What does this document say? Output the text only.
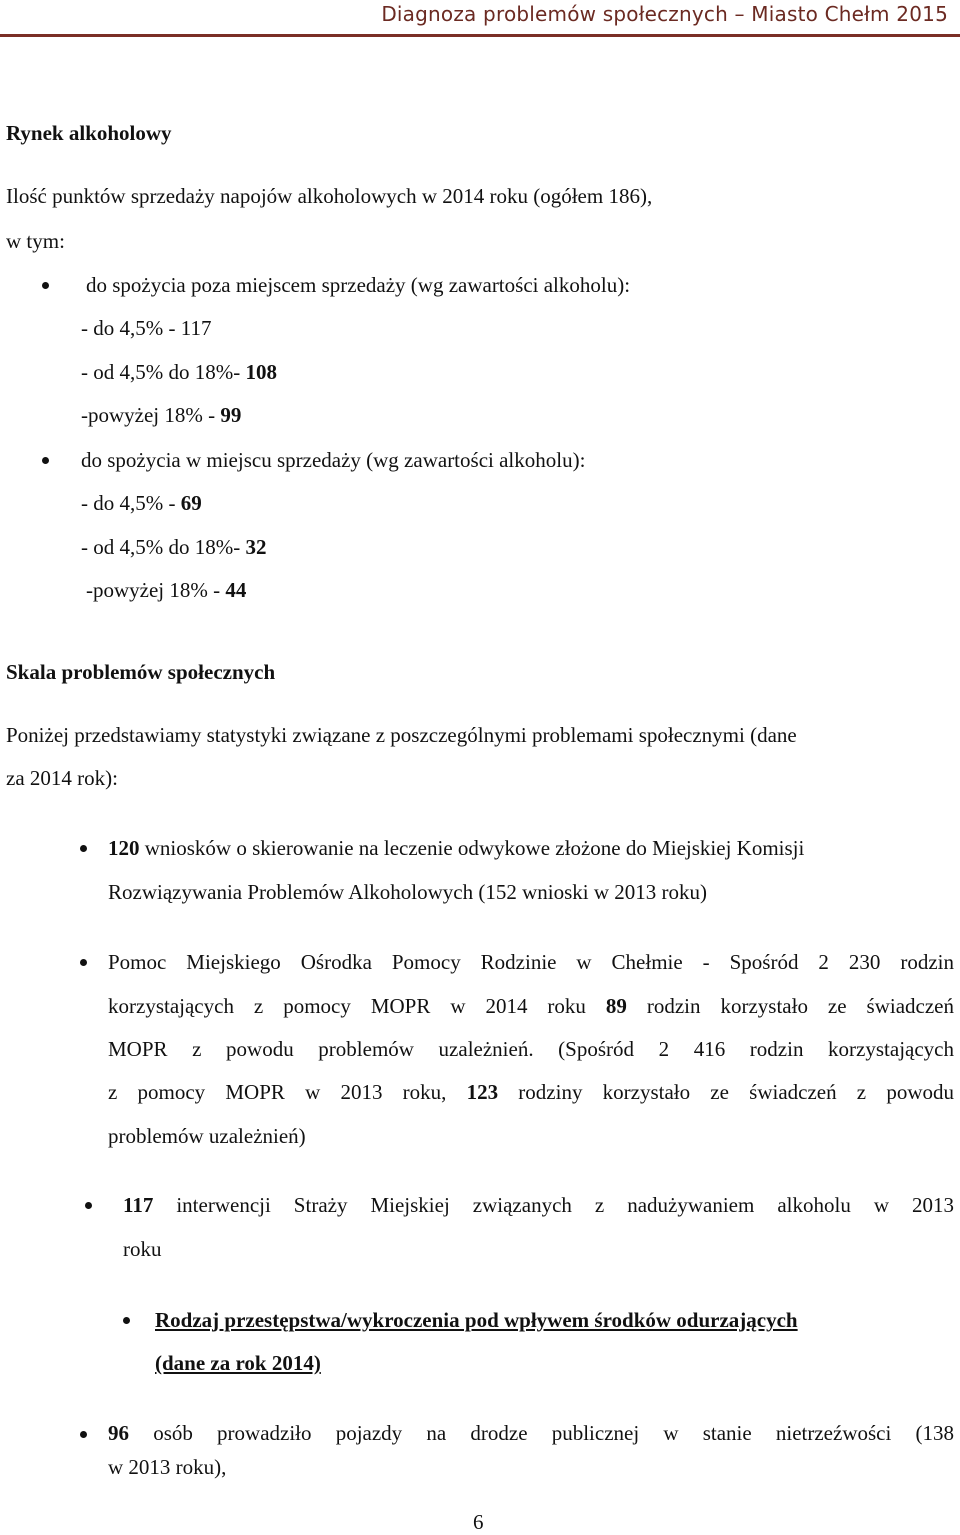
Diagnoza problemów społecznych – Miasto Chełm 2015
Rynek alkoholowy
Ilość punktów sprzedaży napojów alkoholowych w 2014 roku (ogółem 186),
w tym:
do spożycia poza miejscem sprzedaży (wg zawartości alkoholu):
- do 4,5% - 117
- od 4,5% do 18%- 108
-powyżej 18% - 99
do spożycia w miejscu sprzedaży (wg zawartości alkoholu):
- do 4,5% - 69
- od 4,5% do 18%- 32
-powyżej 18% - 44
Skala problemów społecznych
Poniżej przedstawiamy statystyki związane z poszczególnymi problemami społecznymi (dane
za 2014 rok):
120 wniosków o skierowanie na leczenie odwykowe złożone do Miejskiej Komisji
Rozwiązywania Problemów Alkoholowych (152 wnioski w 2013 roku)
Pomoc Miejskiego Ośrodka Pomocy Rodzinie w Chełmie - Spośród 2 230 rodzin
korzystających z pomocy MOPR w 2014 roku 89 rodzin korzystało ze świadczeń
MOPR z powodu problemów uzależnień. (Spośród 2 416 rodzin korzystających
z pomocy MOPR w 2013 roku, 123 rodziny korzystało ze świadczeń z powodu
problemów uzależnień)
117 interwencji Straży Miejskiej związanych z nadużywaniem alkoholu w 2013
roku
Rodzaj przestępstwa/wykroczenia pod wpływem środków odurzających
(dane za rok 2014)
96 osób prowadziło pojazdy na drodze publicznej w stanie nietrzeźwości (138
w 2013 roku),
6
